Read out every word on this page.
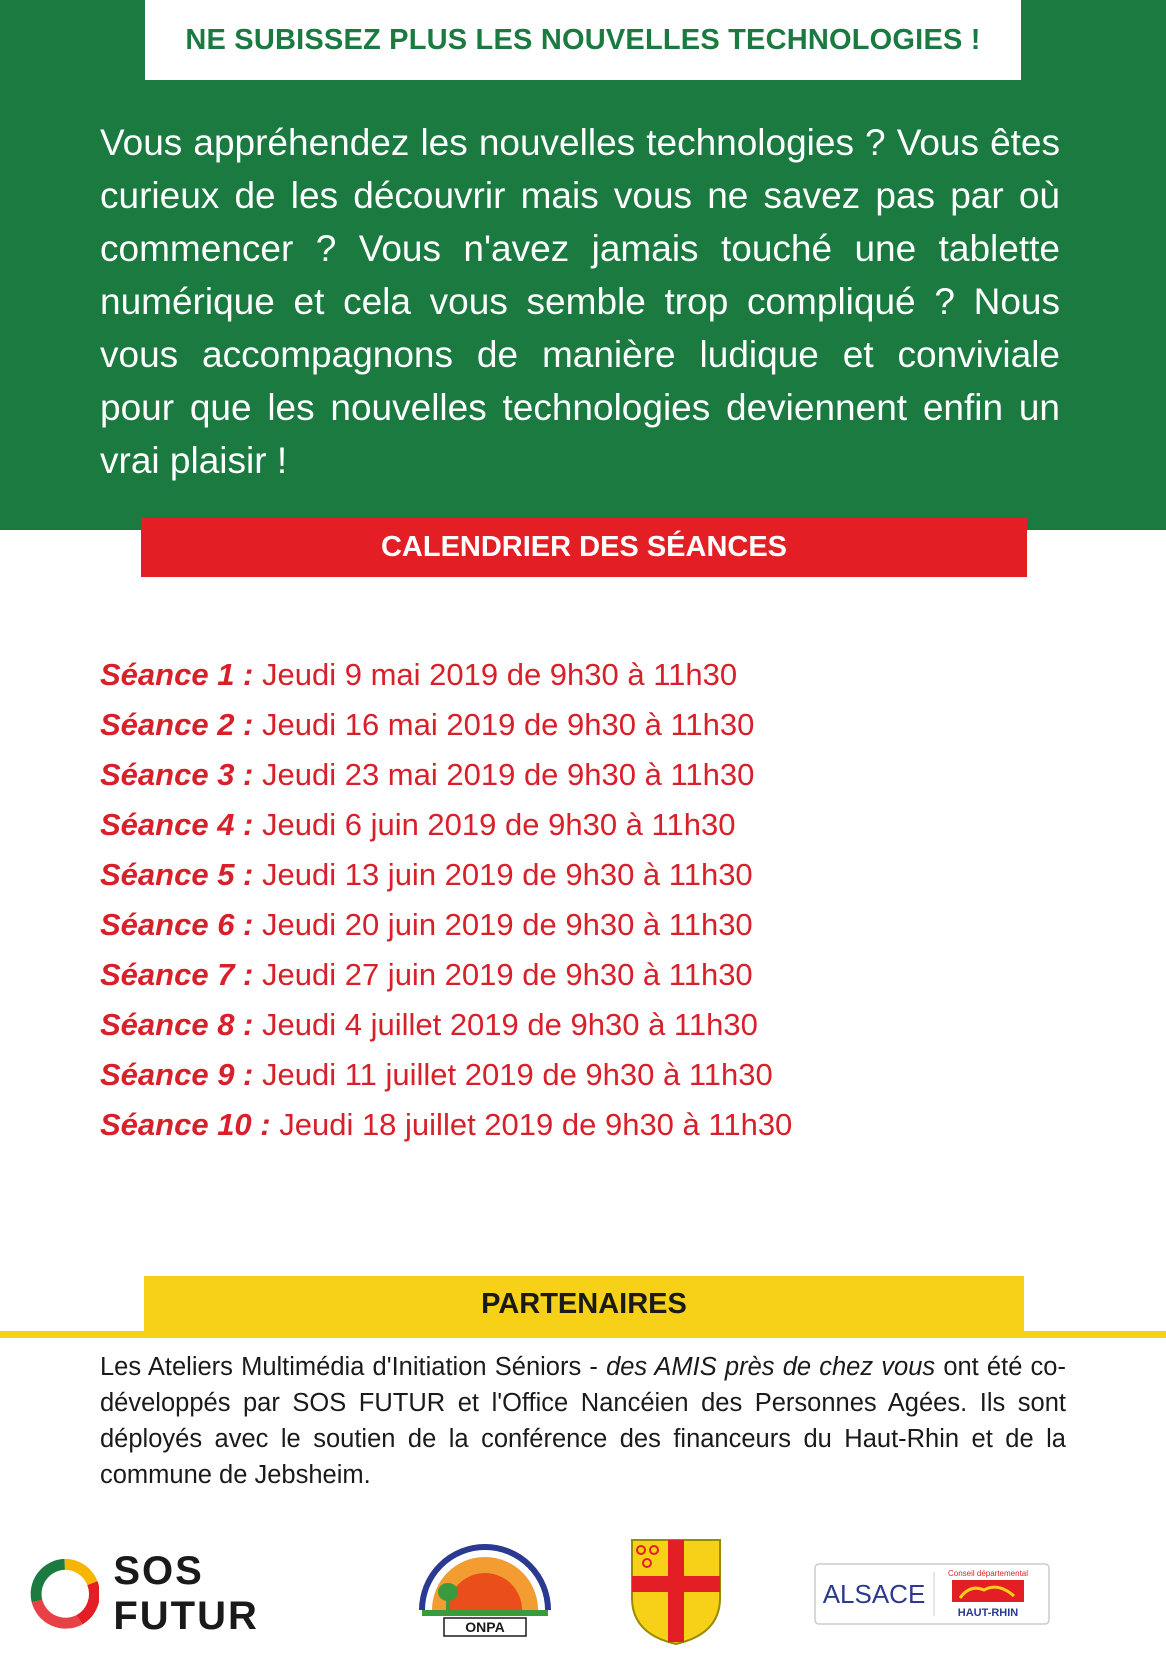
NE SUBISSEZ PLUS LES NOUVELLES TECHNOLOGIES !

Vous appréhendez les nouvelles technologies ? Vous êtes curieux de les découvrir mais vous ne savez pas par où commencer ? Vous n'avez jamais touché une tablette numérique et cela vous semble trop compliqué ? Nous vous accompagnons de manière ludique et conviviale pour que les nouvelles technologies deviennent enfin un vrai plaisir !

CALENDRIER DES SÉANCES
Séance 1 : Jeudi 9 mai 2019 de 9h30 à 11h30
Séance 2 : Jeudi 16 mai 2019 de 9h30 à 11h30
Séance 3 : Jeudi 23 mai 2019 de 9h30 à 11h30
Séance 4 : Jeudi 6 juin 2019 de 9h30 à 11h30
Séance 5 : Jeudi 13 juin 2019 de 9h30 à 11h30
Séance 6 : Jeudi 20 juin 2019 de 9h30 à 11h30
Séance 7 : Jeudi 27 juin 2019 de 9h30 à 11h30
Séance 8 : Jeudi 4 juillet 2019 de 9h30 à 11h30
Séance 9 : Jeudi 11 juillet 2019 de 9h30 à 11h30
Séance 10 : Jeudi 18 juillet 2019 de 9h30 à 11h30
PARTENAIRES

Les Ateliers Multimédia d'Initiation Séniors - des AMIS près de chez vous ont été co-développés par SOS FUTUR et l'Office Nancéien des Personnes Agées. Ils sont déployés avec le soutien de la conférence des financeurs du Haut-Rhin et de la commune de Jebsheim.

SOS FUTUR	ONPA
ALSACE
Conseil départemental
HAUT-RHIN
